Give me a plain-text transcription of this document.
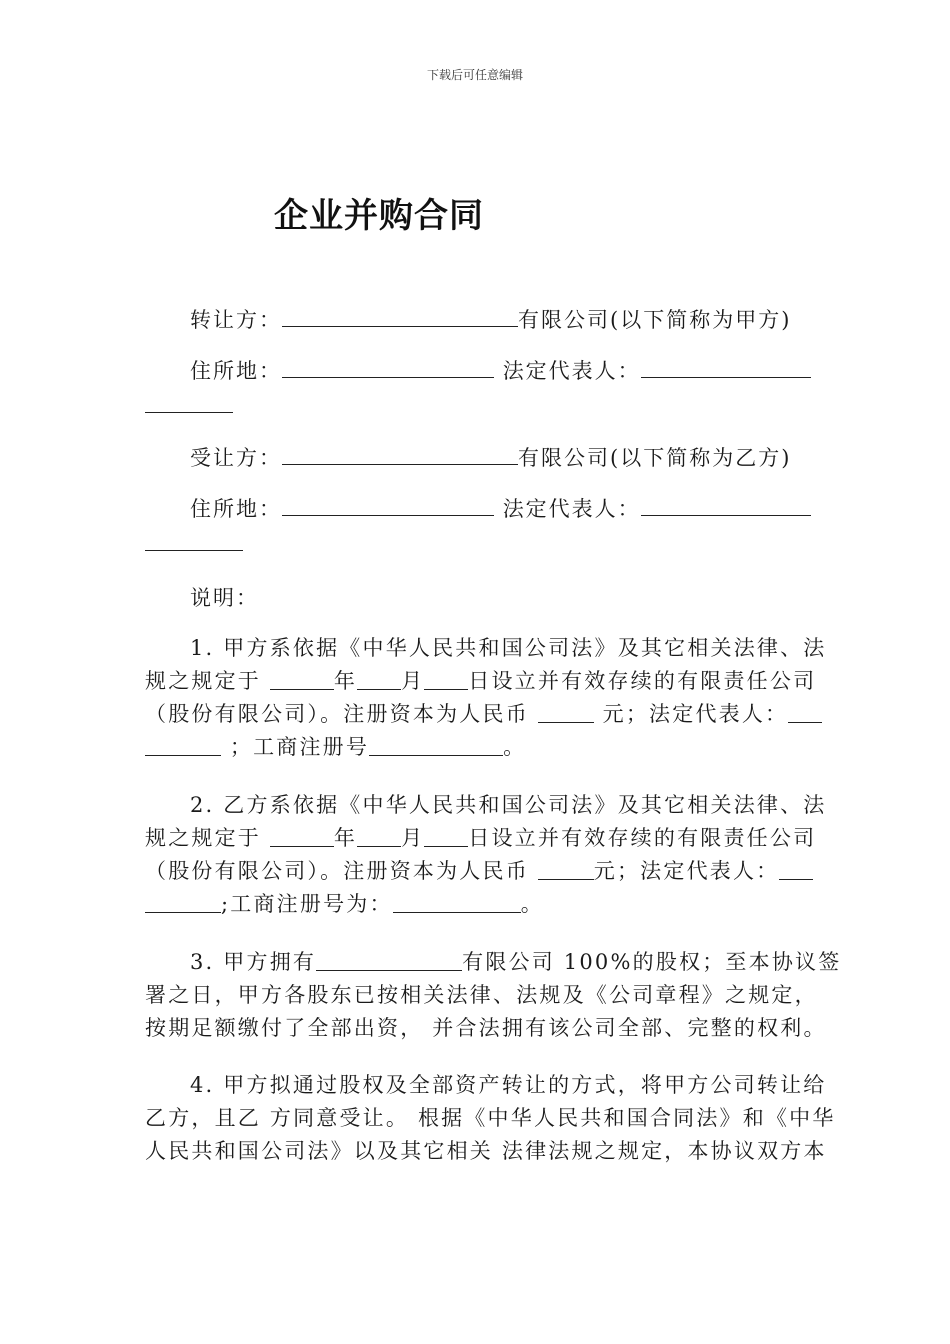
下载后可任意编辑
企业并购合同
转让方：	有限公司(以下简称为甲方)
住所地：	法定代表人：
受让方：	有限公司(以下简称为乙方)
住所地：	法定代表人：
说明：
1. 甲方系依据《中华人民共和国公司法》及其它相关法律、法
规之规定于	年 月 日设立并有效存续的有限责任公司
（股份有限公司）。注册资本为人民币	元；法定代表人：
；工商注册号	。
2. 乙方系依据《中华人民共和国公司法》及其它相关法律、法
规之规定于	年 月 日设立并有效存续的有限责任公司
（股份有限公司）。注册资本为人民币	元；法定代表人：
;工商注册号为：	。
3. 甲方拥有	有限公司 100%的股权；至本协议签
署之日，甲方各股东已按相关法律、法规及《公司章程》之规定，
按期足额缴付了全部出资， 并合法拥有该公司全部、完整的权利。
4. 甲方拟通过股权及全部资产转让的方式，将甲方公司转让给
乙方，且乙 方同意受让。 根据《中华人民共和国合同法》和《中华
人民共和国公司法》以及其它相关 法律法规之规定，本协议双方本
